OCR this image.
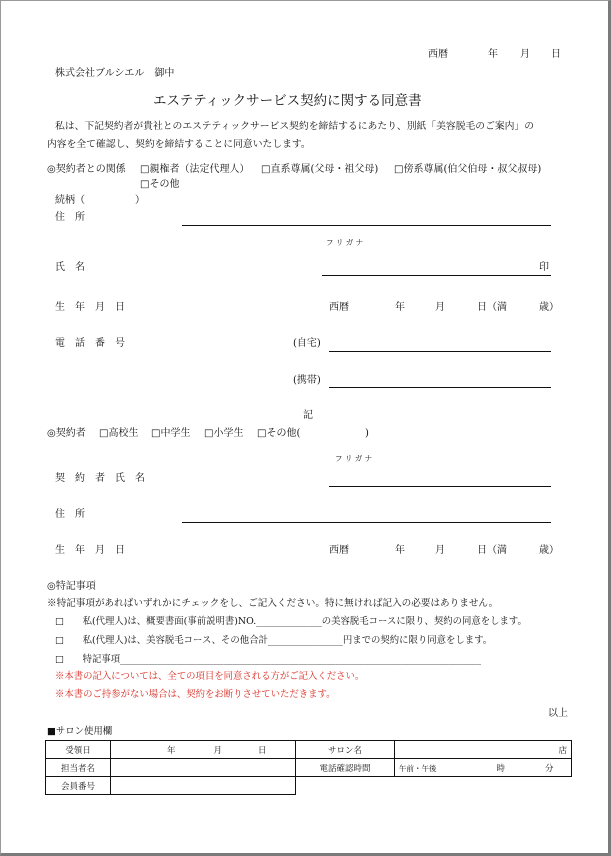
西暦	年 月 日
株式会社ブルシエル　御中
エステティックサービス契約に関する同意書
私は、下記契約者が貴社とのエステティックサービス契約を締結するにあたり、別紙「美容脱毛のご案内」の
内容を全て確認し、契約を締結することに同意いたします。
◎契約者との関係 □親権者（法定代理人） □直系尊属(父母・祖父母) □傍系尊属(伯父伯母・叔父叔母)
□その他
続柄（　　　　　）
住　所
フ リ ガ ナ
氏　名	印
生　年　月　日	西暦	年	月	日（満	歳）
電　話　番　号	(自宅)
(携帯)
記
◎契約者 □高校生 □中学生 □小学生 □その他(	)
フ リ ガ ナ
契　約　者　氏　名
住　所
生　年　月　日	西暦	年	月	日（満	歳）
◎特記事項
※特記事項があればいずれかにチェックをし、ご記入ください。特に無ければ記入の必要はありません。
□　　私(代理人)は、概要書面(事前説明書)NO.______________の美容脱毛コースに限り、契約の同意をします。
□　　私(代理人)は、美容脱毛コース、その他合計________________円までの契約に限り同意をします。
□　　特記事項_____________________________________________________________________________
※本書の記入については、全ての項目を同意される方がご記入ください。
※本書のご持参がない場合は、契約をお断りさせていただきます。
以上
■サロン使用欄
受領日	年 月 日	サロン名	店
担当者名		電話確認時間	午前・午後 時 分
会員番号			
